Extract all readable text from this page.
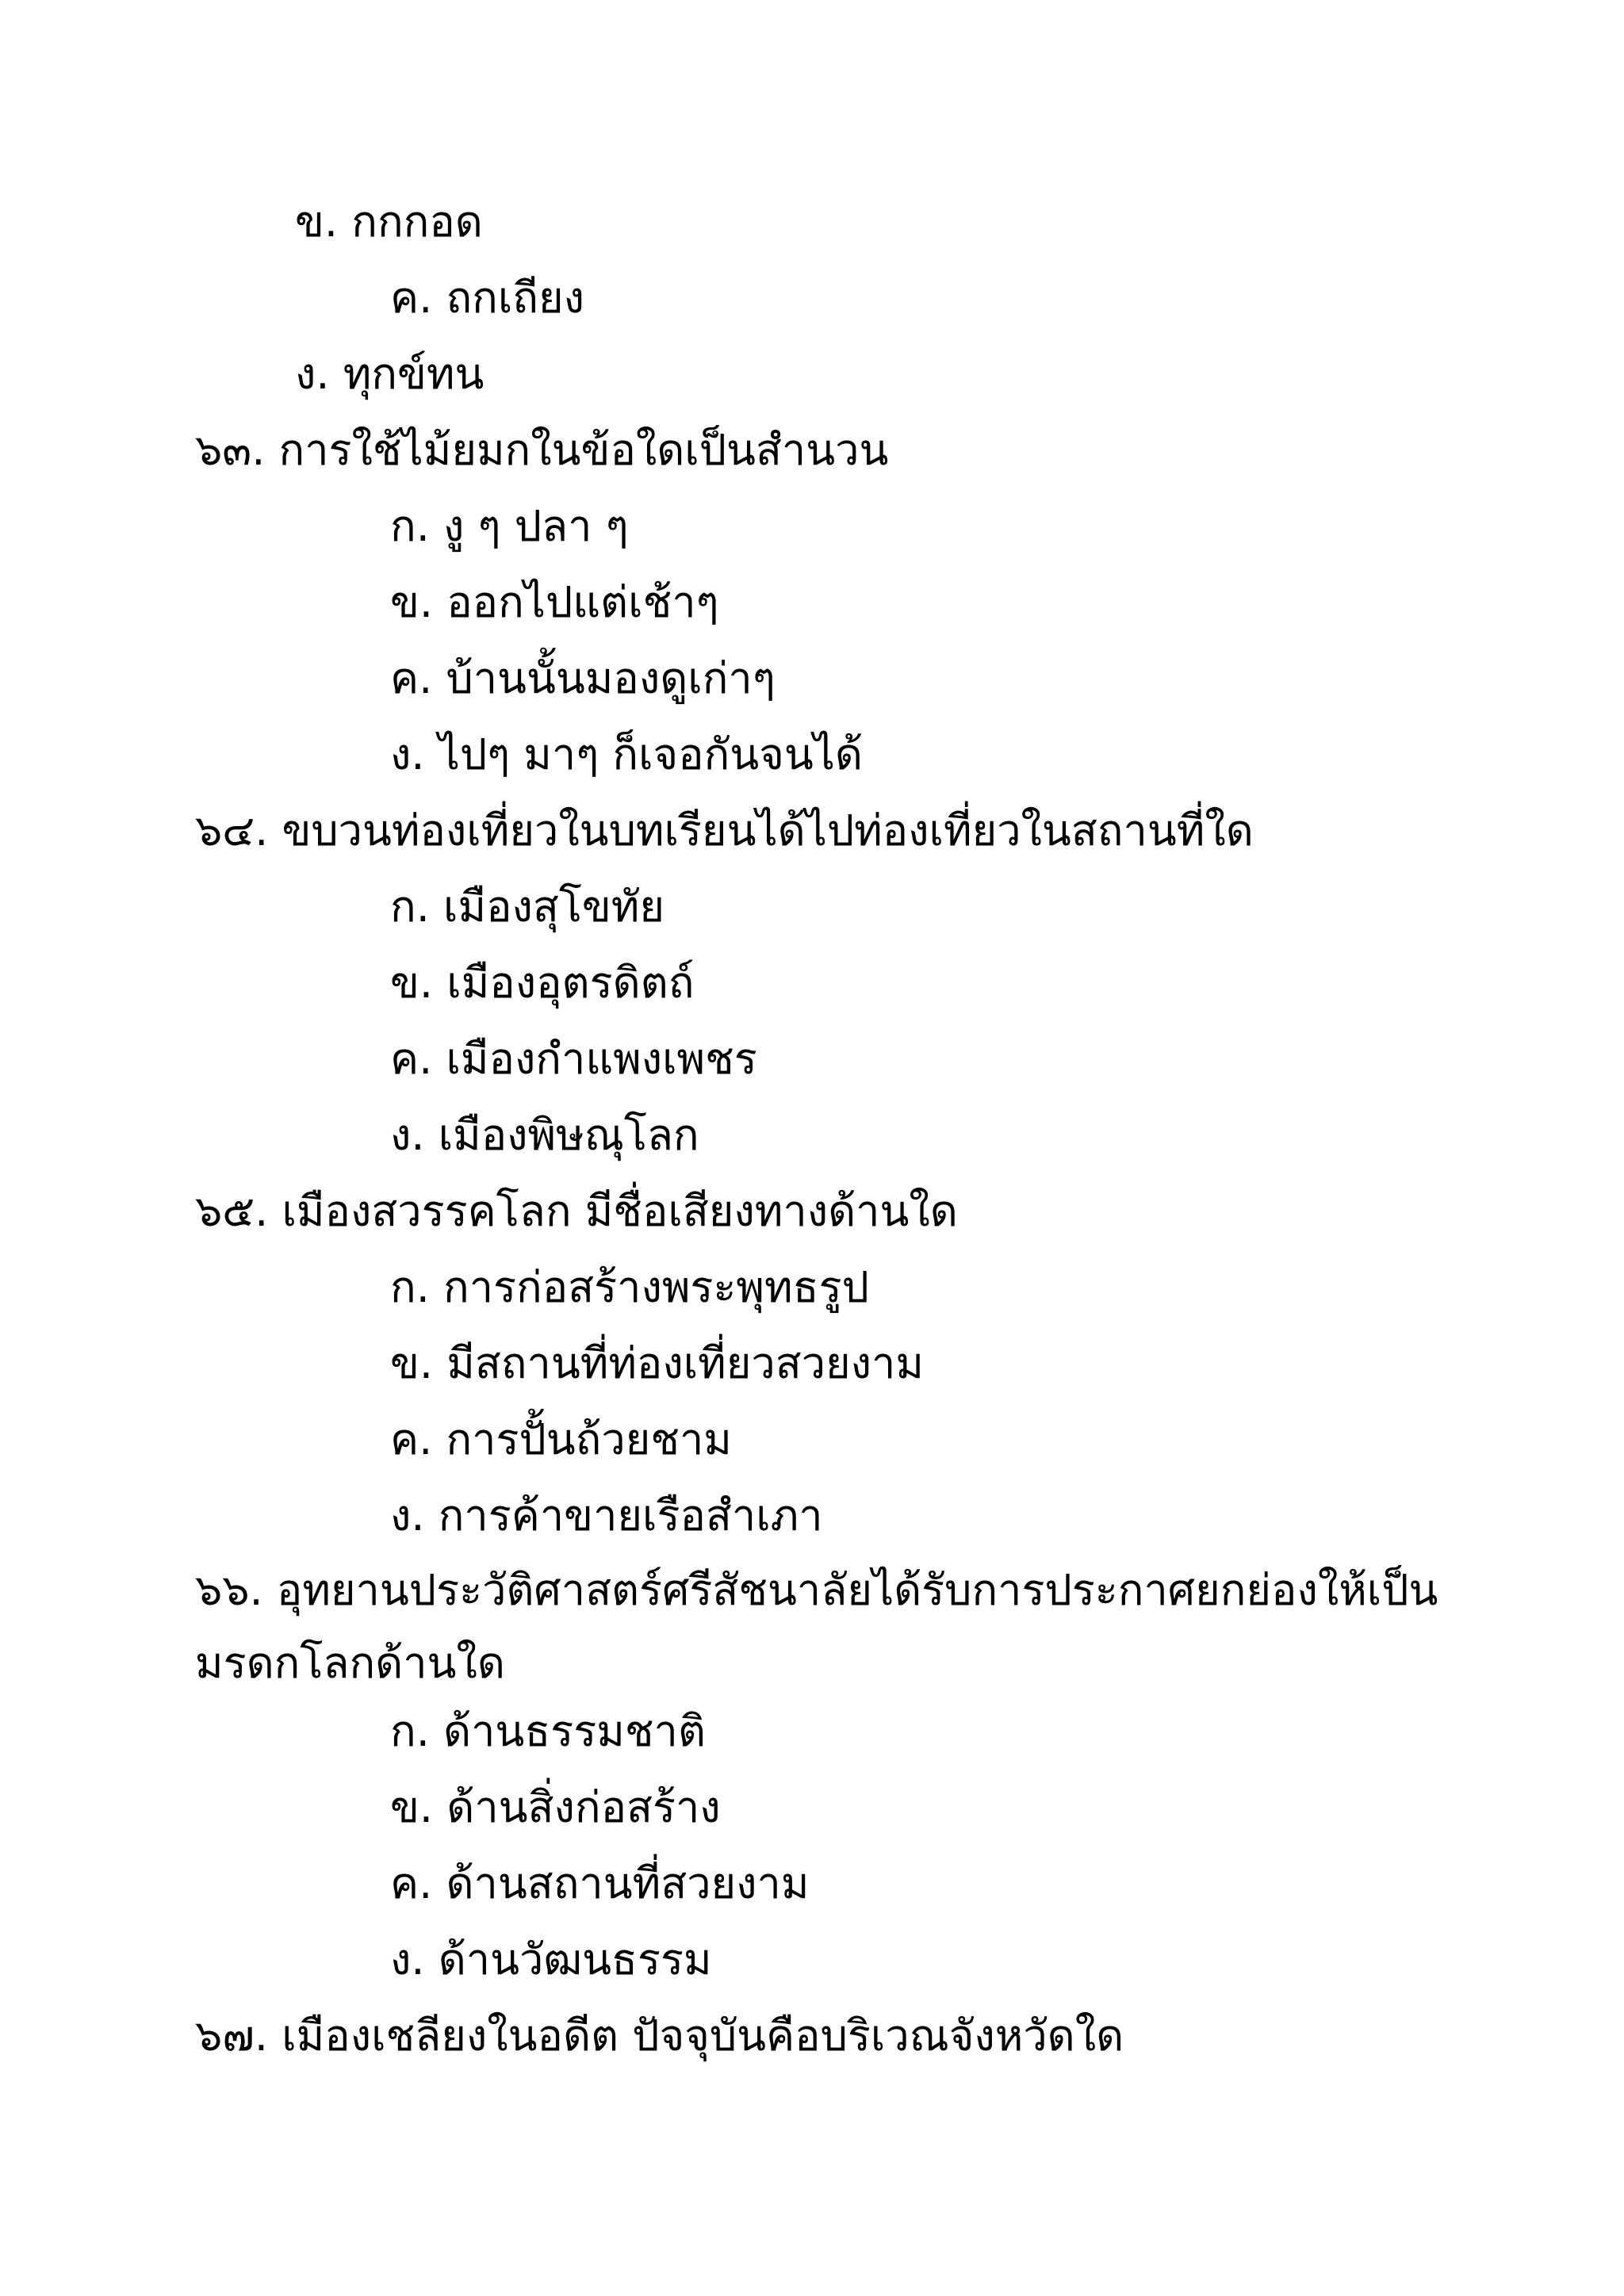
ข. กกกอด

ค. ถกเถียง

ง. ทุกข์ทน

๖๓. การใช้ไม้ยมกในข้อใดเป็นสำนวน

ก. งู ๆ ปลา ๆ

ข. ออกไปแต่เช้าๆ

ค. บ้านนั้นมองดูเก่าๆ

ง. ไปๆ มาๆ ก็เจอกันจนได้

๖๔. ขบวนท่องเที่ยวในบทเรียนได้ไปท่องเที่ยวในสถานที่ใด

ก. เมืองสุโขทัย

ข. เมืองอุตรดิตถ์

ค. เมืองกำแพงเพชร

ง. เมืองพิษณุโลก

๖๕. เมืองสวรรคโลก มีชื่อเสียงทางด้านใด

ก. การก่อสร้างพระพุทธรูป

ข. มีสถานที่ท่องเที่ยวสวยงาม

ค. การปั้นถ้วยชาม

ง. การค้าขายเรือสำเภา

๖๖. อุทยานประวัติศาสตร์ศรีสัชนาลัยได้รับการประกาศยกย่องให้เป็นมรดกโลกด้านใด

ก. ด้านธรรมชาติ

ข. ด้านสิ่งก่อสร้าง

ค. ด้านสถานที่สวยงาม

ง. ด้านวัฒนธรรม

๖๗. เมืองเชลียงในอดีต ปัจจุบันคือบริเวณจังหวัดใด
